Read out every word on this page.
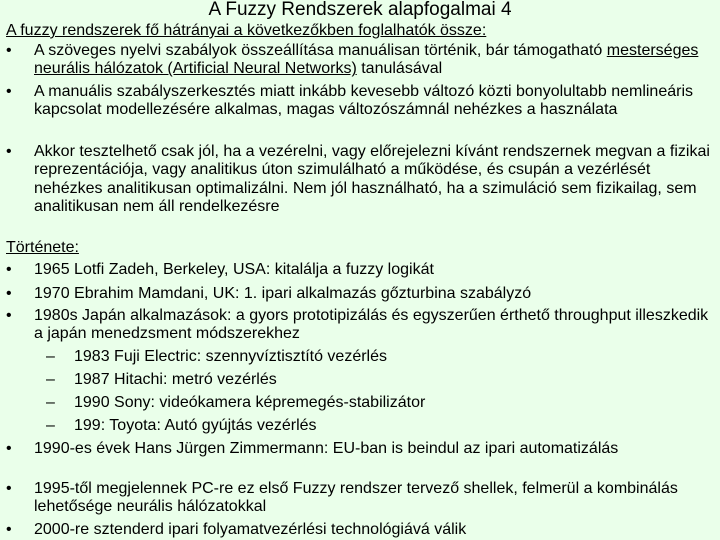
A Fuzzy Rendszerek alapfogalmai 4
A fuzzy rendszerek fő hátrányai a következőkben foglalhatók össze:
•	A szöveges nyelvi szabályok összeállítása manuálisan történik, bár támogatható mesterséges neurális hálózatok (Artificial Neural Networks) tanulásával
•	A manuális szabályszerkesztés miatt inkább kevesebb változó közti bonyolultabb nemlineáris kapcsolat modellezésére alkalmas, magas változószámnál nehézkes a használata
•	Akkor tesztelhető csak jól, ha a vezérelni, vagy előrejelezni kívánt rendszernek megvan a fizikai reprezentációja, vagy analitikus úton szimulálható a működése, és csupán a vezérlését nehézkes analitikusan optimalizálni. Nem jól használható, ha a szimuláció sem fizikailag, sem analitikusan nem áll rendelkezésre
Története:
•	1965 Lotfi Zadeh, Berkeley, USA: kitalálja a fuzzy logikát
•	1970 Ebrahim Mamdani, UK: 1. ipari alkalmazás gőzturbina szabályzó
•	1980s Japán alkalmazások: a gyors prototipizálás és egyszerűen érthető throughput illeszkedik a japán menedzsment módszerekhez
– 1983 Fuji Electric: szennyvíztisztító vezérlés
– 1987 Hitachi: metró vezérlés
– 1990 Sony: videókamera képremegés-stabilizátor
– 199: Toyota: Autó gyújtás vezérlés
•	1990-es évek Hans Jürgen Zimmermann: EU-ban is beindul az ipari automatizálás
•	1995-től megjelennek PC-re ez első Fuzzy rendszer tervező shellek, felmerül a kombinálás lehetősége neurális hálózatokkal
•	2000-re sztenderd ipari folyamatvezérlési technológiává válik
